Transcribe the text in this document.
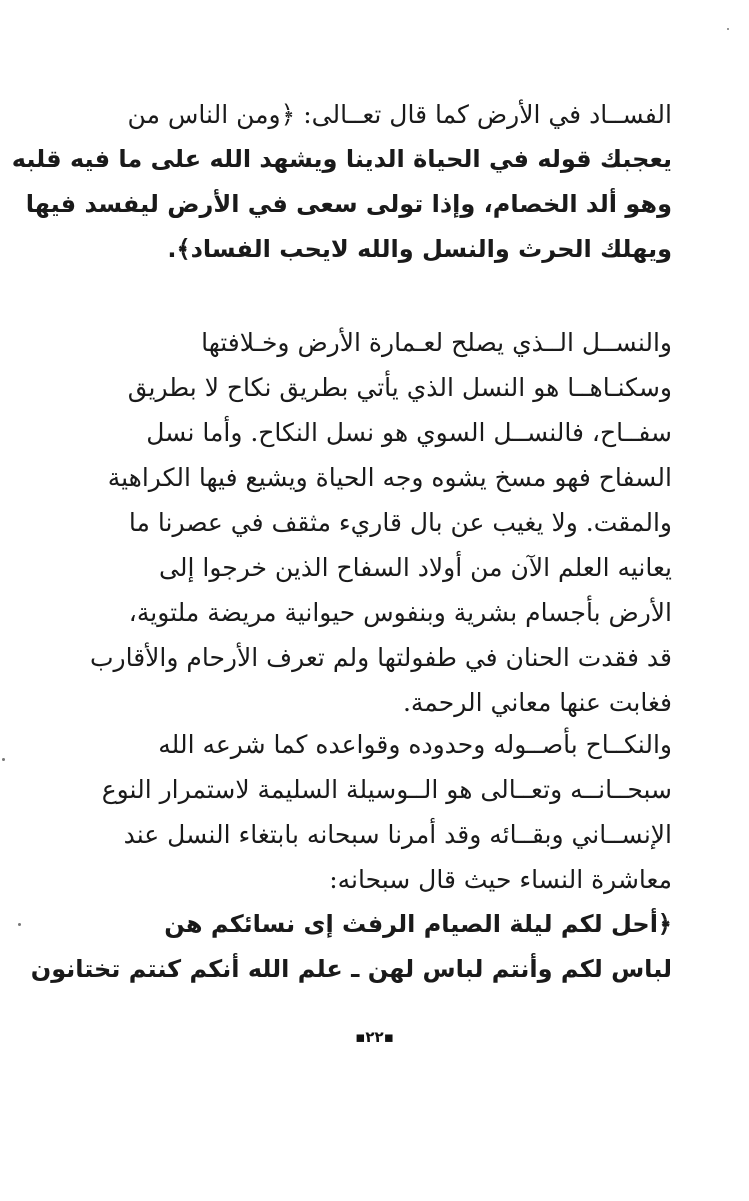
الفســاد في الأرض كما قال تعــالى: ﴿ومن الناس من
يعجبك قوله في الحياة الدينا ويشهد الله على ما فيه قلبه
وهو ألد الخصام، وإذا تولى سعى في الأرض ليفسد فيها
ويهلك الحرث والنسل والله لايحب الفساد﴾.

والنســل الــذي يصلح لعـمارة الأرض وخـلافتها
وسكنـاهــا هو النسل الذي يأتي بطريق نكاح لا بطريق
سفــاح، فالنســل السوي هو نسل النكاح. وأما نسل
السفاح فهو مسخ يشوه وجه الحياة ويشيع فيها الكراهية
والمقت. ولا يغيب عن بال قاريء مثقف في عصرنا ما
يعانيه العلم الآن من أولاد السفاح الذين خرجوا إلى
الأرض بأجسام بشرية وبنفوس حيوانية مريضة ملتوية،
قد فقدت الحنان في طفولتها ولم تعرف الأرحام والأقارب
فغابت عنها معاني الرحمة.

والنكــاح بأصــوله وحدوده وقواعده كما شرعه الله
سبحــانــه وتعــالى هو الــوسيلة السليمة لاستمرار النوع
الإنســاني وبقــائه وقد أمرنا سبحانه بابتغاء النسل عند
معاشرة النساء حيث قال سبحانه:

﴿أحل لكم ليلة الصيام الرفث إى نسائكم هن
لباس لكم وأنتم لباس لهن ـ علم الله أنكم كنتم تختانون

▪٢٢▪
